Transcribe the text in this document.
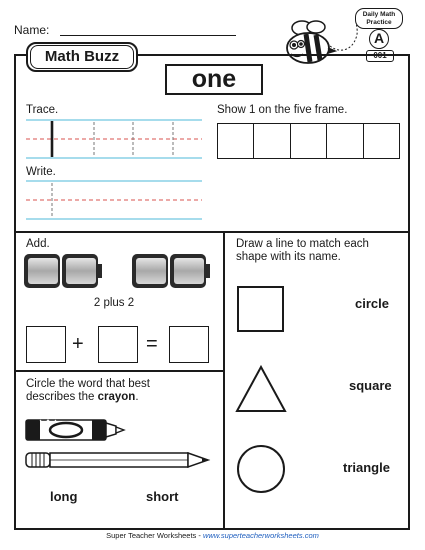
Name:
Daily Math
Practice
A
001
Math Buzz
one
Trace.
Write.
Show 1 on the five frame.
Add.
2 plus 2
+	=
Draw a line to match each
shape with its name.
circle
square
triangle
Circle the word that best
describes the crayon.
long	short
Super Teacher Worksheets - www.superteacherworksheets.com
